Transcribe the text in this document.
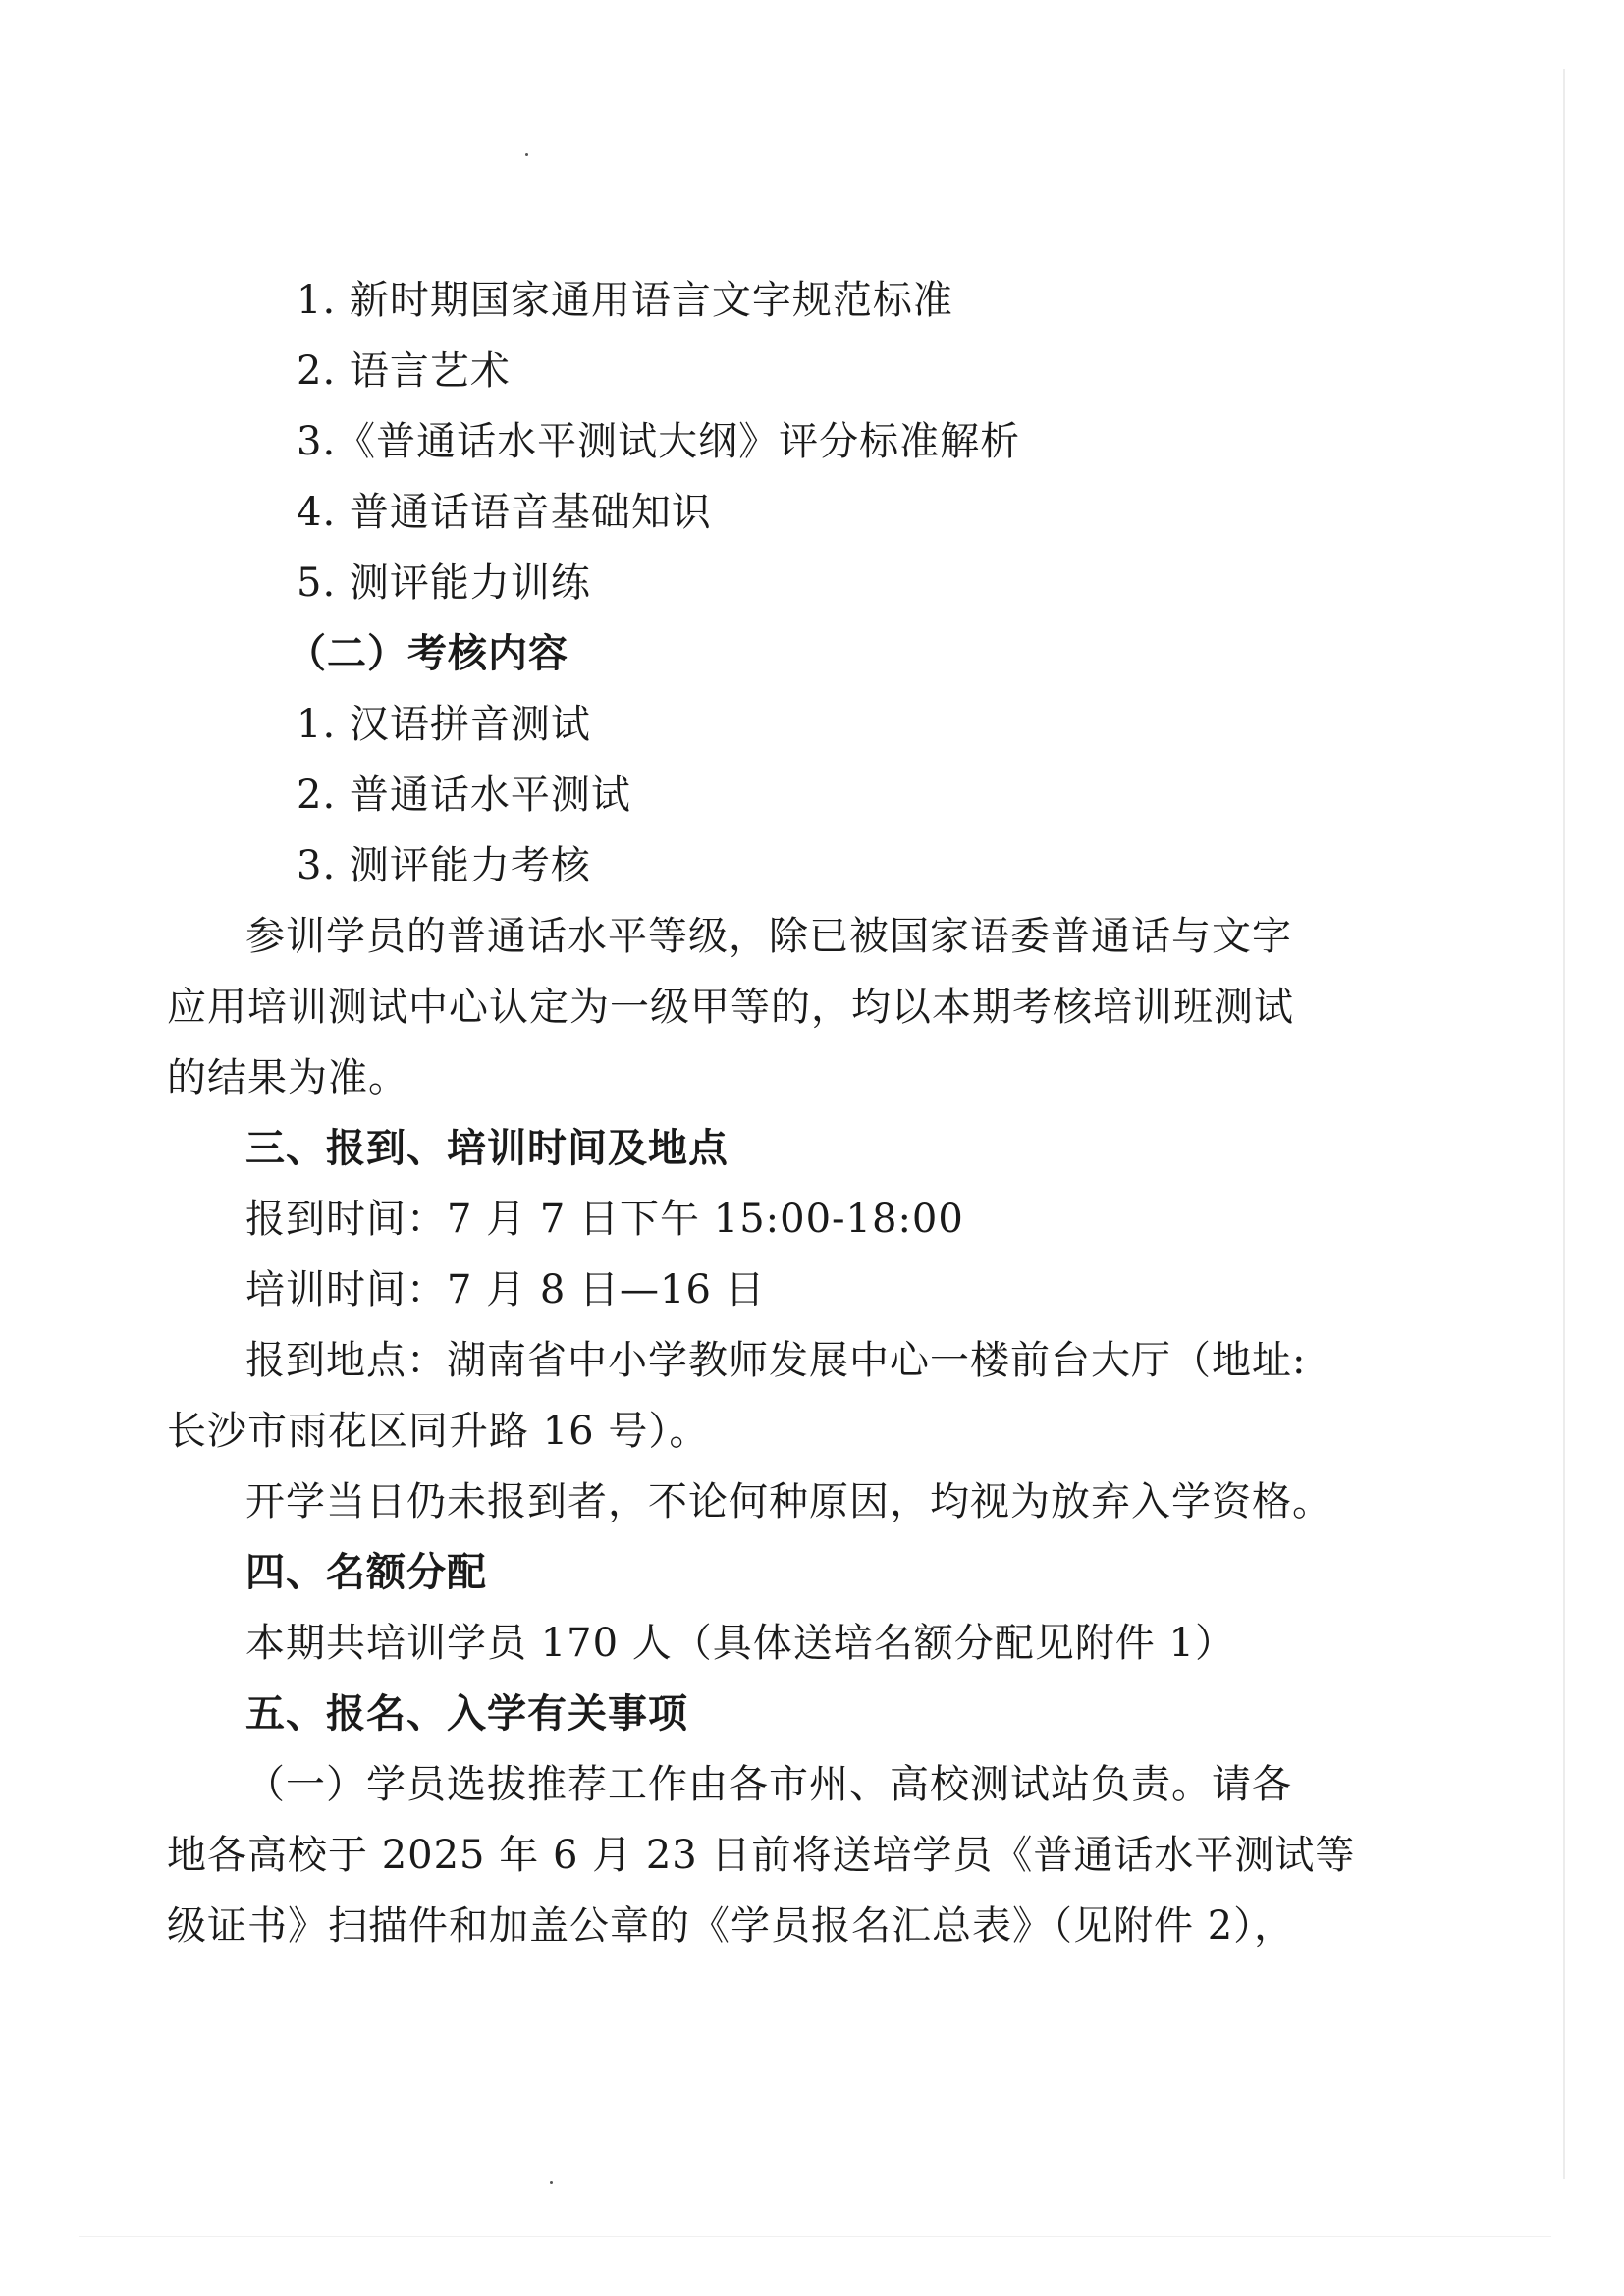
1. 新时期国家通用语言文字规范标准
2. 语言艺术
3.《普通话水平测试大纲》评分标准解析
4. 普通话语音基础知识
5. 测评能力训练
（二）考核内容
1. 汉语拼音测试
2. 普通话水平测试
3. 测评能力考核
参训学员的普通话水平等级，除已被国家语委普通话与文字
应用培训测试中心认定为一级甲等的，均以本期考核培训班测试
的结果为准。
三、报到、培训时间及地点
报到时间：7 月 7 日下午 15:00-18:00
培训时间：7 月 8 日—16 日
报到地点：湖南省中小学教师发展中心一楼前台大厅（地址:
长沙市雨花区同升路 16 号）。
开学当日仍未报到者，不论何种原因，均视为放弃入学资格。
四、名额分配
本期共培训学员 170 人（具体送培名额分配见附件 1）
五、报名、入学有关事项
（一）学员选拔推荐工作由各市州、高校测试站负责。请各
地各高校于 2025 年 6 月 23 日前将送培学员《普通话水平测试等
级证书》扫描件和加盖公章的《学员报名汇总表》（见附件 2），
